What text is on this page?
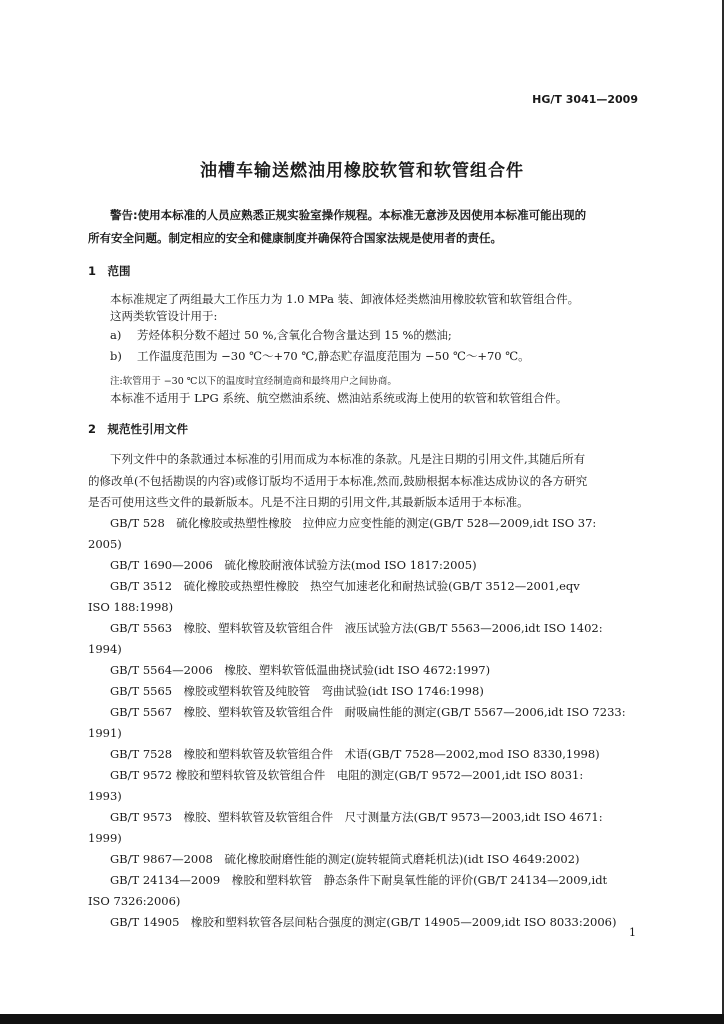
HG/T 3041—2009
油槽车输送燃油用橡胶软管和软管组合件
警告:使用本标准的人员应熟悉正规实验室操作规程。本标准无意涉及因使用本标准可能出现的
所有安全问题。制定相应的安全和健康制度并确保符合国家法规是使用者的责任。
1　范围
本标准规定了两组最大工作压力为 1.0 MPa 装、卸液体烃类燃油用橡胶软管和软管组合件。
这两类软管设计用于:
a) 芳烃体积分数不超过 50 %,含氧化合物含量达到 15 %的燃油;
b) 工作温度范围为 −30 ℃～+70 ℃,静态贮存温度范围为 −50 ℃～+70 ℃。
注:软管用于 −30 ℃以下的温度时宜经制造商和最终用户之间协商。
本标准不适用于 LPG 系统、航空燃油系统、燃油站系统或海上使用的软管和软管组合件。
2　规范性引用文件
下列文件中的条款通过本标准的引用而成为本标准的条款。凡是注日期的引用文件,其随后所有
的修改单(不包括勘误的内容)或修订版均不适用于本标准,然而,鼓励根据本标准达成协议的各方研究
是否可使用这些文件的最新版本。凡是不注日期的引用文件,其最新版本适用于本标准。
GB/T 528　硫化橡胶或热塑性橡胶　拉伸应力应变性能的测定(GB/T 528—2009,idt ISO 37:
2005)
GB/T 1690—2006　硫化橡胶耐液体试验方法(mod ISO 1817:2005)
GB/T 3512　硫化橡胶或热塑性橡胶　热空气加速老化和耐热试验(GB/T 3512—2001,eqv
ISO 188:1998)
GB/T 5563　橡胶、塑料软管及软管组合件　液压试验方法(GB/T 5563—2006,idt ISO 1402:
1994)
GB/T 5564—2006　橡胶、塑料软管低温曲挠试验(idt ISO 4672:1997)
GB/T 5565　橡胶或塑料软管及纯胶管　弯曲试验(idt ISO 1746:1998)
GB/T 5567　橡胶、塑料软管及软管组合件　耐吸扁性能的测定(GB/T 5567—2006,idt ISO 7233:
1991)
GB/T 7528　橡胶和塑料软管及软管组合件　术语(GB/T 7528—2002,mod ISO 8330,1998)
GB/T 9572 橡胶和塑料软管及软管组合件　电阻的测定(GB/T 9572—2001,idt ISO 8031:
1993)
GB/T 9573　橡胶、塑料软管及软管组合件　尺寸测量方法(GB/T 9573—2003,idt ISO 4671:
1999)
GB/T 9867—2008　硫化橡胶耐磨性能的测定(旋转辊筒式磨耗机法)(idt ISO 4649:2002)
GB/T 24134—2009　橡胶和塑料软管　静态条件下耐臭氧性能的评价(GB/T 24134—2009,idt
ISO 7326:2006)
GB/T 14905　橡胶和塑料软管各层间粘合强度的测定(GB/T 14905—2009,idt ISO 8033:2006)
1
